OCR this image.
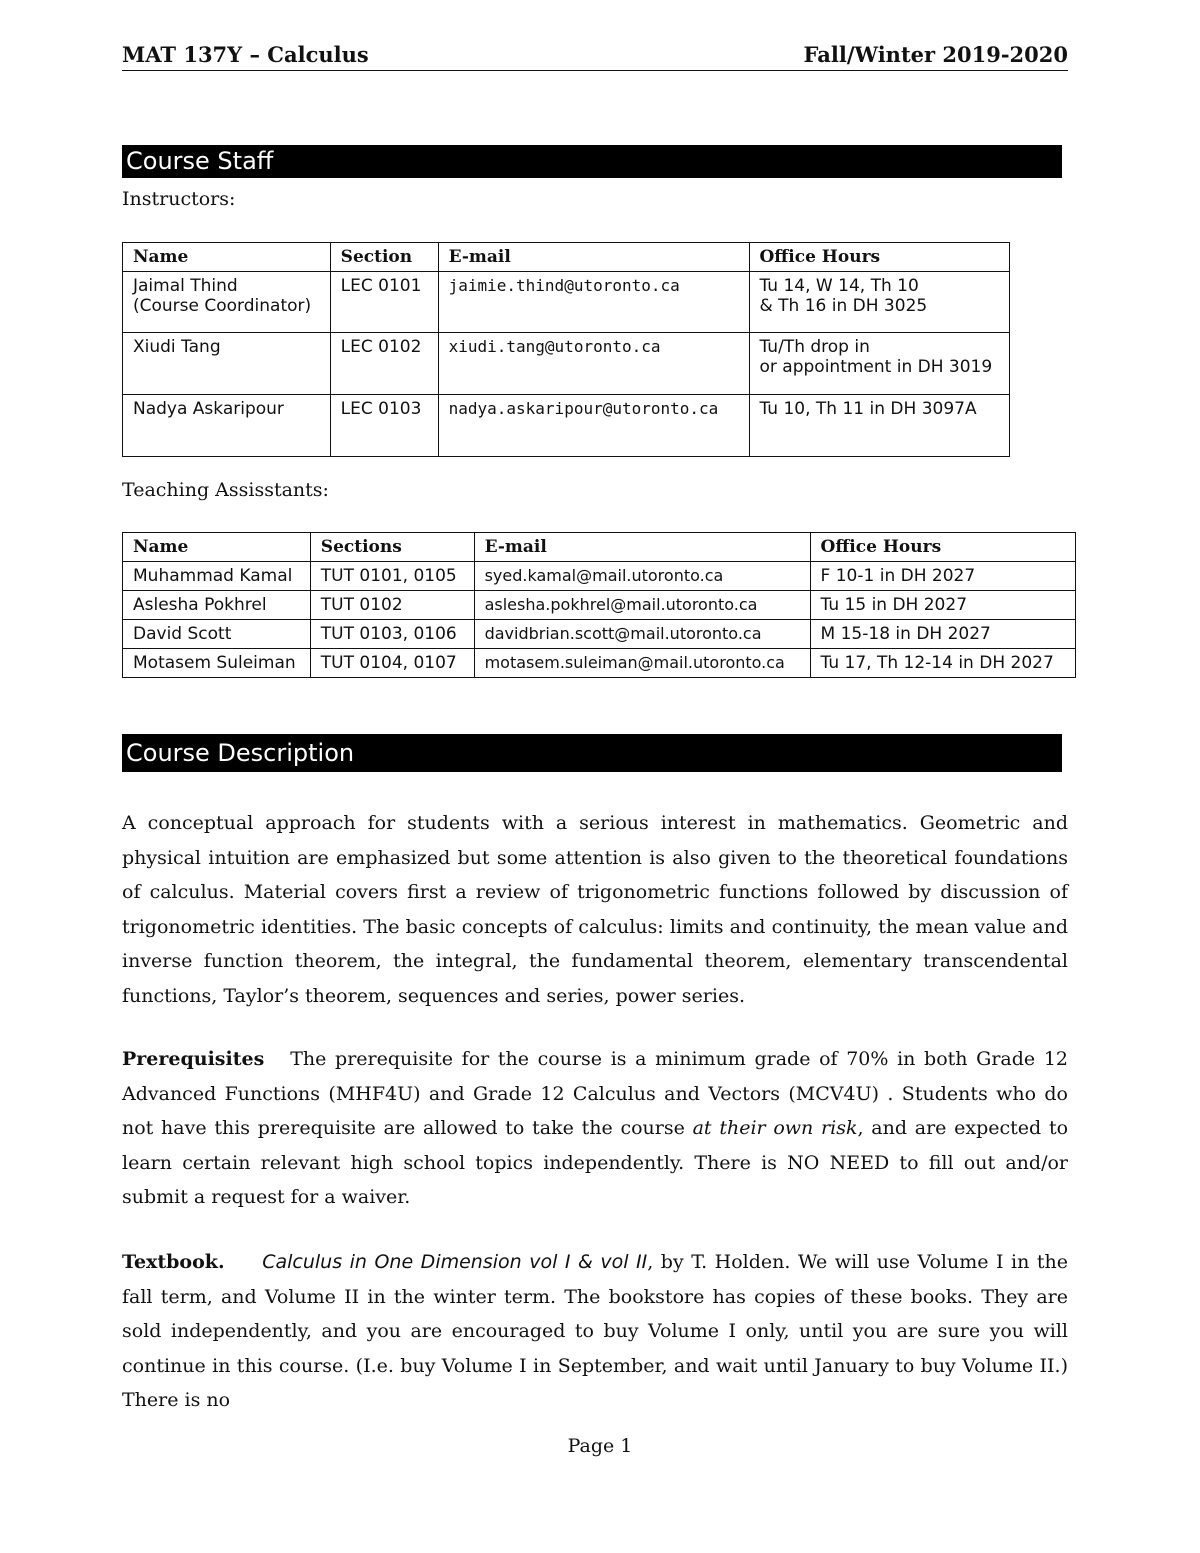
MAT 137Y – Calculus	Fall/Winter 2019-2020
Course Staff
Instructors:
Name	Section	E-mail	Office Hours

Jaimal Thind
(Course Coordinator)	LEC 0101	jaimie.thind@utoronto.ca	Tu 14, W 14, Th 10
& Th 16 in DH 3025

Xiudi Tang	LEC 0102	xiudi.tang@utoronto.ca	Tu/Th drop in
or appointment in DH 3019

Nadya Askaripour	LEC 0103	nadya.askaripour@utoronto.ca	Tu 10, Th 11 in DH 3097A
Teaching Assisstants:
Name	Sections	E-mail	Office Hours
Muhammad Kamal	TUT 0101, 0105	syed.kamal@mail.utoronto.ca	F 10-1 in DH 2027
Aslesha Pokhrel	TUT 0102	aslesha.pokhrel@mail.utoronto.ca	Tu 15 in DH 2027
David Scott	TUT 0103, 0106	davidbrian.scott@mail.utoronto.ca	M 15-18 in DH 2027
Motasem Suleiman	TUT 0104, 0107	motasem.suleiman@mail.utoronto.ca	Tu 17, Th 12-14 in DH 2027
Course Description
A conceptual approach for students with a serious interest in mathematics. Geometric and physical intuition are emphasized but some attention is also given to the theoretical foundations of calculus. Material covers first a review of trigonometric functions followed by discussion of trigonometric identities. The basic concepts of calculus: limits and continuity, the mean value and inverse function theorem, the integral, the fundamental theorem, elementary transcendental functions, Taylor’s theorem, sequences and series, power series.
Prerequisites The prerequisite for the course is a minimum grade of 70% in both Grade 12 Advanced Functions (MHF4U) and Grade 12 Calculus and Vectors (MCV4U) . Students who do not have this prerequisite are allowed to take the course at their own risk, and are expected to learn certain relevant high school topics independently. There is NO NEED to fill out and/or submit a request for a waiver.
Textbook. Calculus in One Dimension vol I & vol II, by T. Holden. We will use Volume I in the fall term, and Volume II in the winter term. The bookstore has copies of these books. They are sold independently, and you are encouraged to buy Volume I only, until you are sure you will continue in this course. (I.e. buy Volume I in September, and wait until January to buy Volume II.) There is no
Page 1
